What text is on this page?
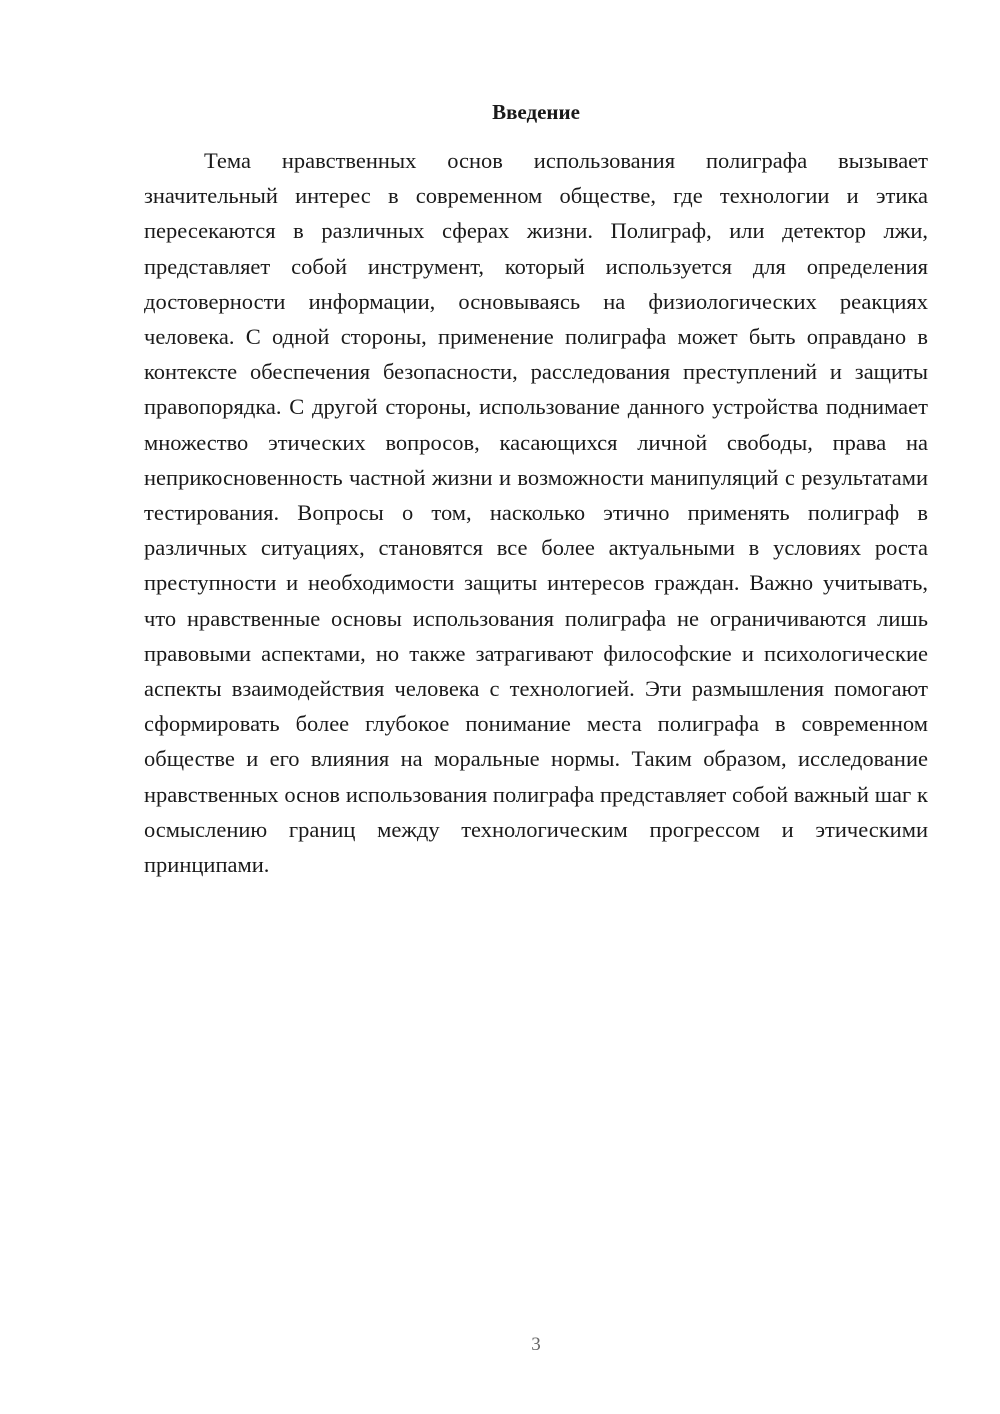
Введение

Тема нравственных основ использования полиграфа вызывает значительный интерес в современном обществе, где технологии и этика пересекаются в различных сферах жизни. Полиграф, или детектор лжи, представляет собой инструмент, который используется для определения достоверности информации, основываясь на физиологических реакциях человека. С одной стороны, применение полиграфа может быть оправдано в контексте обеспечения безопасности, расследования преступлений и защиты правопорядка. С другой стороны, использование данного устройства поднимает множество этических вопросов, касающихся личной свободы, права на неприкосновенность частной жизни и возможности манипуляций с результатами тестирования. Вопросы о том, насколько этично применять полиграф в различных ситуациях, становятся все более актуальными в условиях роста преступности и необходимости защиты интересов граждан. Важно учитывать, что нравственные основы использования полиграфа не ограничиваются лишь правовыми аспектами, но также затрагивают философские и психологические аспекты взаимодействия человека с технологией. Эти размышления помогают сформировать более глубокое понимание места полиграфа в современном обществе и его влияния на моральные нормы. Таким образом, исследование нравственных основ использования полиграфа представляет собой важный шаг к осмыслению границ между технологическим прогрессом и этическими принципами.

3
